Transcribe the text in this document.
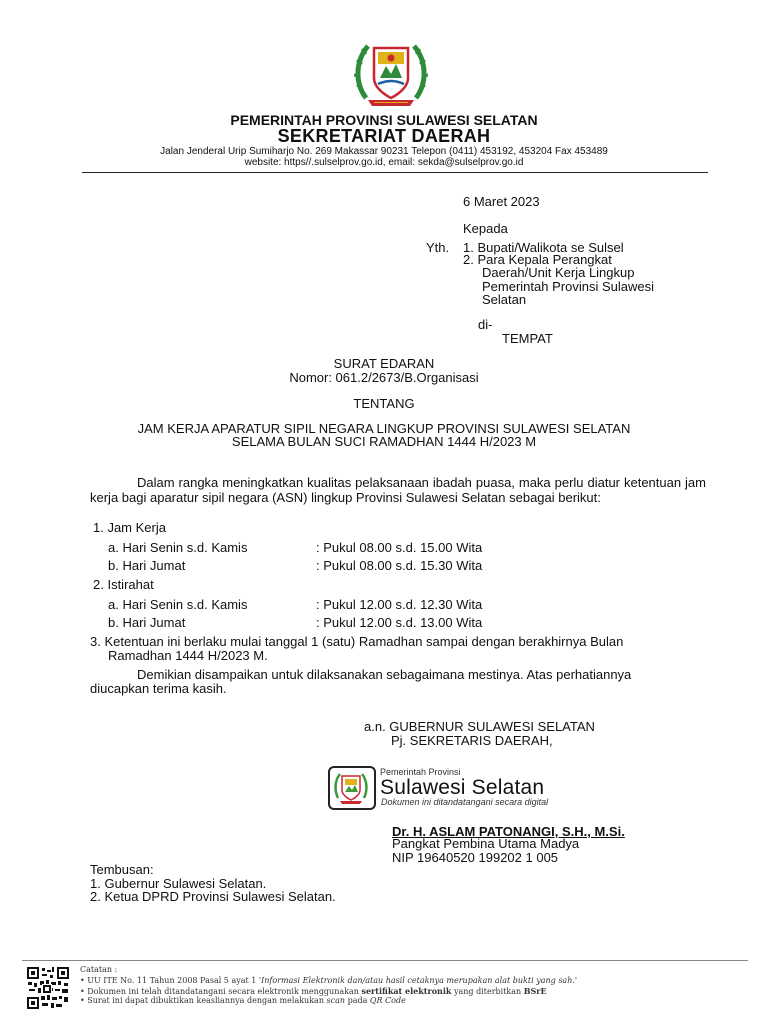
PEMERINTAH PROVINSI SULAWESI SELATAN
SEKRETARIAT DAERAH
Jalan Jenderal Urip Sumiharjo No. 269 Makassar 90231 Telepon (0411) 453192, 453204 Fax 453489
website: https//.sulselprov.go.id, email: sekda@sulselprov.go.id
6 Maret 2023
Kepada
Yth. 1. Bupati/Walikota se Sulsel
2. Para Kepala Perangkat
Daerah/Unit Kerja Lingkup
Pemerintah Provinsi Sulawesi
Selatan
di-
TEMPAT
SURAT EDARAN
Nomor: 061.2/2673/B.Organisasi
TENTANG
JAM KERJA APARATUR SIPIL NEGARA LINGKUP PROVINSI SULAWESI SELATAN
SELAMA BULAN SUCI RAMADHAN 1444 H/2023 M
Dalam rangka meningkatkan kualitas pelaksanaan ibadah puasa, maka perlu diatur ketentuan jam kerja bagi aparatur sipil negara (ASN) lingkup Provinsi Sulawesi Selatan sebagai berikut:
1. Jam Kerja
a. Hari Senin s.d. Kamis	: Pukul 08.00 s.d. 15.00 Wita
b. Hari Jumat	: Pukul 08.00 s.d. 15.30 Wita
2. Istirahat
a. Hari Senin s.d. Kamis	: Pukul 12.00 s.d. 12.30 Wita
b. Hari Jumat	: Pukul 12.00 s.d. 13.00 Wita
3. Ketentuan ini berlaku mulai tanggal 1 (satu) Ramadhan sampai dengan berakhirnya Bulan
Ramadhan 1444 H/2023 M.
Demikian disampaikan untuk dilaksanakan sebagaimana mestinya. Atas perhatiannya
diucapkan terima kasih.
a.n. GUBERNUR SULAWESI SELATAN
Pj. SEKRETARIS DAERAH,
Pemerintah Provinsi
Sulawesi Selatan
Dokumen ini ditandatangani secara digital
Dr. H. ASLAM PATONANGI, S.H., M.Si.
Pangkat Pembina Utama Madya
NIP 19640520 199202 1 005
Tembusan:
1. Gubernur Sulawesi Selatan.
2. Ketua DPRD Provinsi Sulawesi Selatan.
Catatan :
• UU ITE No. 11 Tahun 2008 Pasal 5 ayat 1 'Informasi Elektronik dan/atau hasil cetaknya merupakan alat bukti yang sah.'
• Dokumen ini telah ditandatangani secara elektronik menggunakan sertifikat elektronik yang diterbitkan BSrE
• Surat ini dapat dibuktikan keasliannya dengan melakukan scan pada QR Code
